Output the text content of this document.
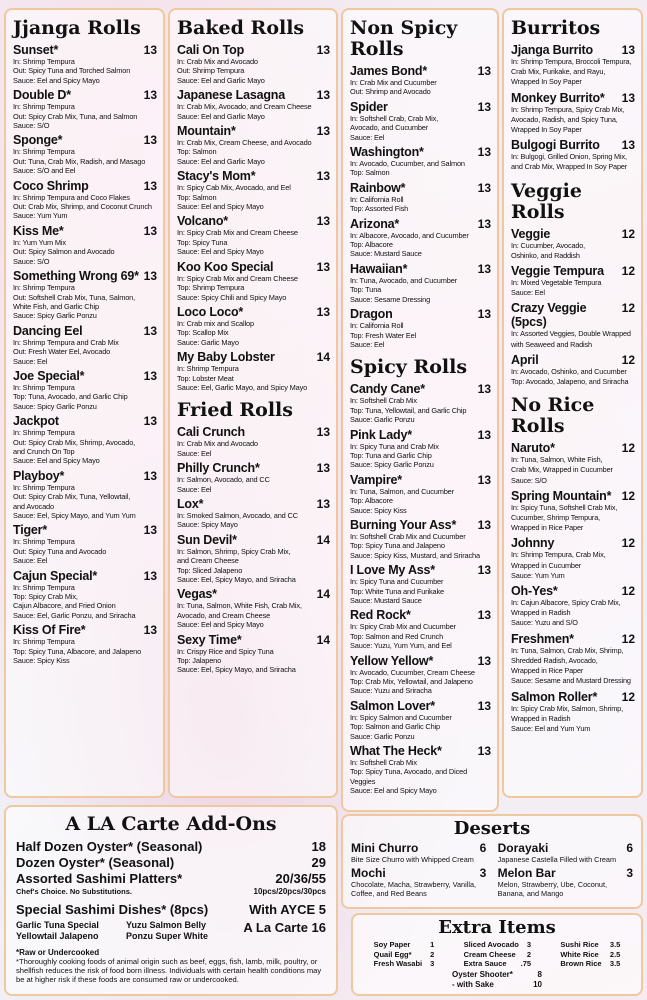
Jjanga Rolls
Sunset*	13
In: Shrimp Tempura
Out: Spicy Tuna and Torched Salmon
Sauce: Eel and Spicy Mayo
Double D*	13
In: Shrimp Tempura
Out: Spicy Crab Mix, Tuna, and Salmon
Sauce: S/O
Sponge*	13
In: Shrimp Tempura
Out: Tuna, Crab Mix, Radish, and Masago
Sauce: S/O and Eel
Coco Shrimp	13
In: Shrimp Tempura and Coco Flakes
Out: Crab Mix, Shrimp, and Coconut Crunch
Sauce: Yum Yum
Kiss Me*	13
In: Yum Yum Mix
Out: Spicy Salmon and Avocado
Sauce: S/O
Something Wrong 69* 13
In: Shrimp Tempura
Out: Softshell Crab Mix, Tuna, Salmon,
White Fish, and Garlic Chip
Sauce: Spicy Garlic Ponzu
Dancing Eel	13
In: Shrimp Tempura and Crab Mix
Out: Fresh Water Eel, Avocado
Sauce: Eel
Joe Special*	13
In: Shrimp Tempura
Top: Tuna, Avocado, and Garlic Chip
Sauce: Spicy Garlic Ponzu
Jackpot	13
In: Shrimp Tempura
Out: Spicy Crab Mix, Shrimp, Avocado,
and Crunch On Top
Sauce: Eel and Spicy Mayo
Playboy*	13
In: Shrimp Tempura
Out: Spicy Crab Mix, Tuna, Yellowtail,
and Avocado
Sauce: Eel, Spicy Mayo, and Yum Yum
Tiger*	13
In: Shrimp Tempura
Out: Spicy Tuna and Avocado
Sauce: Eel
Cajun Special*	13
In: Shrimp Tempura
Top: Spicy Crab Mix,
Cajun Albacore, and Fried Onion
Sauce: Eel, Garlic Ponzu, and Sriracha
Kiss Of Fire*	13
In: Shrimp Tempura
Top: Spicy Tuna, Albacore, and Jalapeno
Sauce: Spicy Kiss
Baked Rolls
Cali On Top	13
In: Crab Mix and Avocado
Out: Shrimp Tempura
Sauce: Eel and Garlic Mayo
Japanese Lasagna	13
In: Crab Mix, Avocado, and Cream Cheese
Sauce: Eel and Garlic Mayo
Mountain*	13
In: Crab Mix, Cream Cheese, and Avocado
Top: Salmon
Sauce: Eel and Garlic Mayo
Stacy's Mom*	13
In: Spicy Cab Mix, Avocado, and Eel
Top: Salmon
Sauce: Eel and Spicy Mayo
Volcano*	13
In: Spicy Crab Mix and Cream Cheese
Top: Spicy Tuna
Sauce: Eel and Spicy Mayo
Koo Koo Special	13
In: Spicy Crab Mix and Cream Cheese
Top: Shrimp Tempura
Sauce: Spicy Chili and Spicy Mayo
Loco Loco*	13
In: Crab mix and Scallop
Top: Scallop Mix
Sauce: Garlic Mayo
My Baby Lobster	14
In: Shrimp Tempura
Top: Lobster Meat
Sauce: Eel, Garlic Mayo, and Spicy Mayo
Fried Rolls
Cali Crunch	13
In: Crab Mix and Avocado
Sauce: Eel
Philly Crunch*	13
In: Salmon, Avocado, and CC
Sauce: Eel
Lox*	13
In: Smoked Salmon, Avocado, and CC
Sauce: Spicy Mayo
Sun Devil*	14
In: Salmon, Shrimp, Spicy Crab Mix,
and Cream Cheese
Top: Sliced Jalapeno
Sauce: Eel, Spicy Mayo, and Sriracha
Vegas*	14
In: Tuna, Salmon, White Fish, Crab Mix,
Avocado, and Cream Cheese
Sauce: Eel and Spicy Mayo
Sexy Time*	14
In: Crispy Rice and Spicy Tuna
Top: Jalapeno
Sauce: Eel, Spicy Mayo, and Sriracha
Non Spicy Rolls
James Bond*	13
In: Crab Mix and Cucumber
Out: Shrimp and Avocado
Spider	13
In: Softshell Crab, Crab Mix,
Avocado, and Cucumber
Sauce: Eel
Washington*	13
In: Avocado, Cucumber, and Salmon
Top: Salmon
Rainbow*	13
In: California Roll
Top: Assorted Fish
Arizona*	13
In: Albacore, Avocado, and Cucumber
Top: Albacore
Sauce: Mustard Sauce
Hawaiian*	13
In: Tuna, Avocado, and Cucumber
Top: Tuna
Sauce: Sesame Dressing
Dragon	13
In: California Roll
Top: Fresh Water Eel
Sauce: Eel
Spicy Rolls
Candy Cane*	13
In: Softshell Crab Mix
Top: Tuna, Yellowtail, and Garlic Chip
Sauce: Garlic Ponzu
Pink Lady*	13
In: Spicy Tuna and Crab Mix
Top: Tuna and Garlic Chip
Sauce: Spicy Garlic Ponzu
Vampire*	13
In: Tuna, Salmon, and Cucumber
Top: Albacore
Sauce: Spicy Kiss
Burning Your Ass* 13
In: Softshell Crab Mix and Cucumber
Top: Spicy Tuna and Jalapeno
Sauce: Spicy Kiss, Mustard, and Sriracha
I Love My Ass*	13
In: Spicy Tuna and Cucumber
Top: White Tuna and Furikake
Sauce: Mustard Sauce
Red Rock*	13
In: Spicy Crab Mix and Cucumber
Top: Salmon and Red Crunch
Sauce: Yuzu, Yum Yum, and Eel
Yellow Yellow*	13
In: Avocado, Cucumber, Cream Cheese
Top: Crab Mix, Yellowtail, and Jalapeno
Sauce: Yuzu and Sriracha
Salmon Lover*	13
In: Spicy Salmon and Cucumber
Top: Salmon and Garlic Chip
Sauce: Garlic Ponzu
What The Heck*	13
In: Softshell Crab Mix
Top: Spicy Tuna, Avocado, and Diced Veggies
Sauce: Eel and Spicy Mayo
Burritos
Jjanga Burrito 13
In: Shrimp Tempura, Broccoli Tempura,
Crab Mix, Furikake, and Rayu,
Wrapped In Soy Paper
Monkey Burrito* 13
In: Shrimp Tempura, Spicy Crab Mix,
Avocado, Radish, and Spicy Tuna,
Wrapped In Soy Paper
Bulgogi Burrito 13
In: Bulgogi, Grilled Onion, Spring Mix,
and Crab Mix, Wrapped In Soy Paper
Veggie Rolls
Veggie	12
In: Cucumber, Avocado,
Oshinko, and Raddish
Veggie Tempura 12
In: Mixed Vegetable Tempura
Sauce: Eel
Crazy Veggie (5pcs)
12
In: Assorted Veggies, Double Wrapped
with Seaweed and Radish
April	12
In: Avocado, Oshinko, and Cucumber
Top: Avocado, Jalapeno, and Sriracha
No Rice Rolls
Naruto*	12
In: Tuna, Salmon, White Fish,
Crab Mix, Wrapped in Cucumber
Sauce: S/O
Spring Mountain* 12
In: Spicy Tuna, Softshell Crab Mix,
Cucumber, Shrimp Tempura,
Wrapped in Rice Paper
Johnny	12
In: Shrimp Tempura, Crab Mix,
Wrapped in Cucumber
Sauce: Yum Yum
Oh-Yes*	12
In: Cajun Albacore, Spicy Crab Mix,
Wrapped in Radish
Sauce: Yuzu and S/O
Freshmen*	12
In: Tuna, Salmon, Crab Mix, Shrimp,
Shredded Radish, Avocado,
Wrapped in Rice Paper
Sauce: Sesame and Mustard Dressing
Salmon Roller* 12
In: Spicy Crab Mix, Salmon, Shrimp,
Wrapped in Radish
Sauce: Eel and Yum Yum
A LA Carte Add-Ons
Half Dozen Oyster* (Seasonal)	18
Dozen Oyster* (Seasonal)	29
Assorted Sashimi Platters*	20/36/55
Chef's Choice. No Substitutions.	10pcs/20pcs/30pcs
Special Sashimi Dishes* (8pcs)	With AYCE 5
Garlic Tuna Special	Yuzu Salmon Belly
Yellowtail Jalapeno	Ponzu Super White
A La Carte 16
*Raw or Undercooked
*Thoroughly cooking foods of animal origin such as beef, eggs, fish, lamb, milk, poultry, or shellfish reduces the risk of food born illness. Individuals with certain health conditions may be at higher risk if these foods are consumed raw or undercooked.
Deserts
Mini Churro	6
Bite Size Churro with Whipped Cream
Mochi	3
Chocolate, Macha, Strawberry, Vanilla, Coffee, and Red Beans
Dorayaki	6
Japanese Castella Filled with Cream
Melon Bar	3
Melon, Strawberry, Ube, Coconut, Banana, and Mango
Extra Items
Soy Paper	1
Quail Egg* 2
Fresh Wasabi 3
Sliced Avocado 3
Cream Cheese 2
Extra Sauce .75
Sushi Rice 3.5
White Rice 2.5
Brown Rice 3.5
Oyster Shooter*	8
- with Sake	10
